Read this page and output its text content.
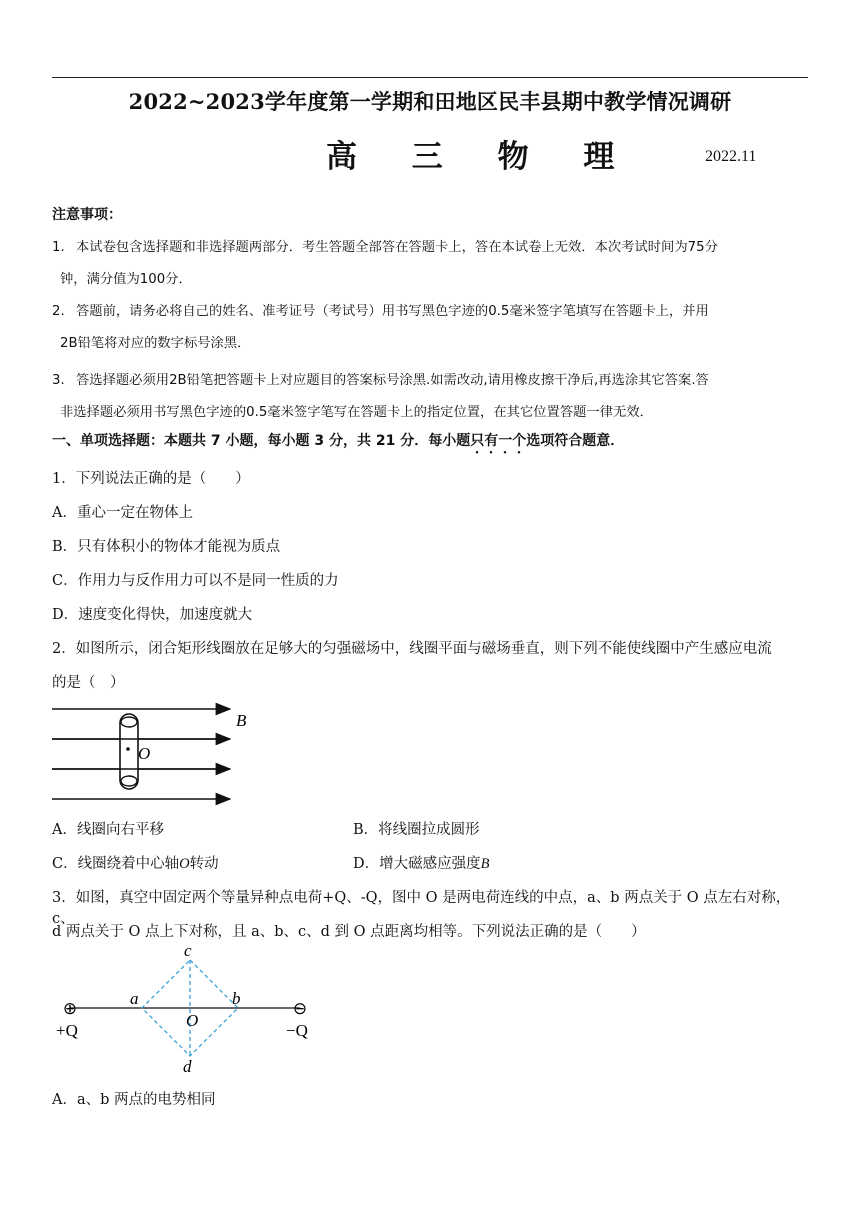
2022~2023学年度第一学期和田地区民丰县期中教学情况调研
高 三 物 理	2022.11
注意事项：
1. 本试卷包含选择题和非选择题两部分．考生答题全部答在答题卡上，答在本试卷上无效．本次考试时间为75分
钟，满分值为100分．
2. 答题前，请务必将自己的姓名、准考证号（考试号）用书写黑色字迹的0.5毫米签字笔填写在答题卡上，并用
2B铅笔将对应的数字标号涂黑．
3. 答选择题必须用2B铅笔把答题卡上对应题目的答案标号涂黑.如需改动,请用橡皮擦干净后,再选涂其它答案.答
非选择题必须用书写黑色字迹的0.5毫米签字笔写在答题卡上的指定位置，在其它位置答题一律无效．
一、单项选择题：本题共 7 小题，每小题 3 分，共 21 分．每小题只有一个选项符合题意．
1．下列说法正确的是（　　）
A．重心一定在物体上
B．只有体积小的物体才能视为质点
C．作用力与反作用力可以不是同一性质的力
D．速度变化得快，加速度就大
2．如图所示，闭合矩形线圈放在足够大的匀强磁场中，线圈平面与磁场垂直，则下列不能使线圈中产生感应电流
的是（　）
B
O
A．线圈向右平移	B．将线圈拉成圆形
C．线圈绕着中心轴O转动	D．增大磁感应强度B
3．如图，真空中固定两个等量异种点电荷+Q、-Q，图中 O 是两电荷连线的中点，a、b 两点关于 O 点左右对称，c、
d 两点关于 O 点上下对称，且 a、b、c、d 到 O 点距离均相等。下列说法正确的是（　　）
⊕	⊖
+Q	−Q
c
d
a	b
O
A．a、b 两点的电势相同
